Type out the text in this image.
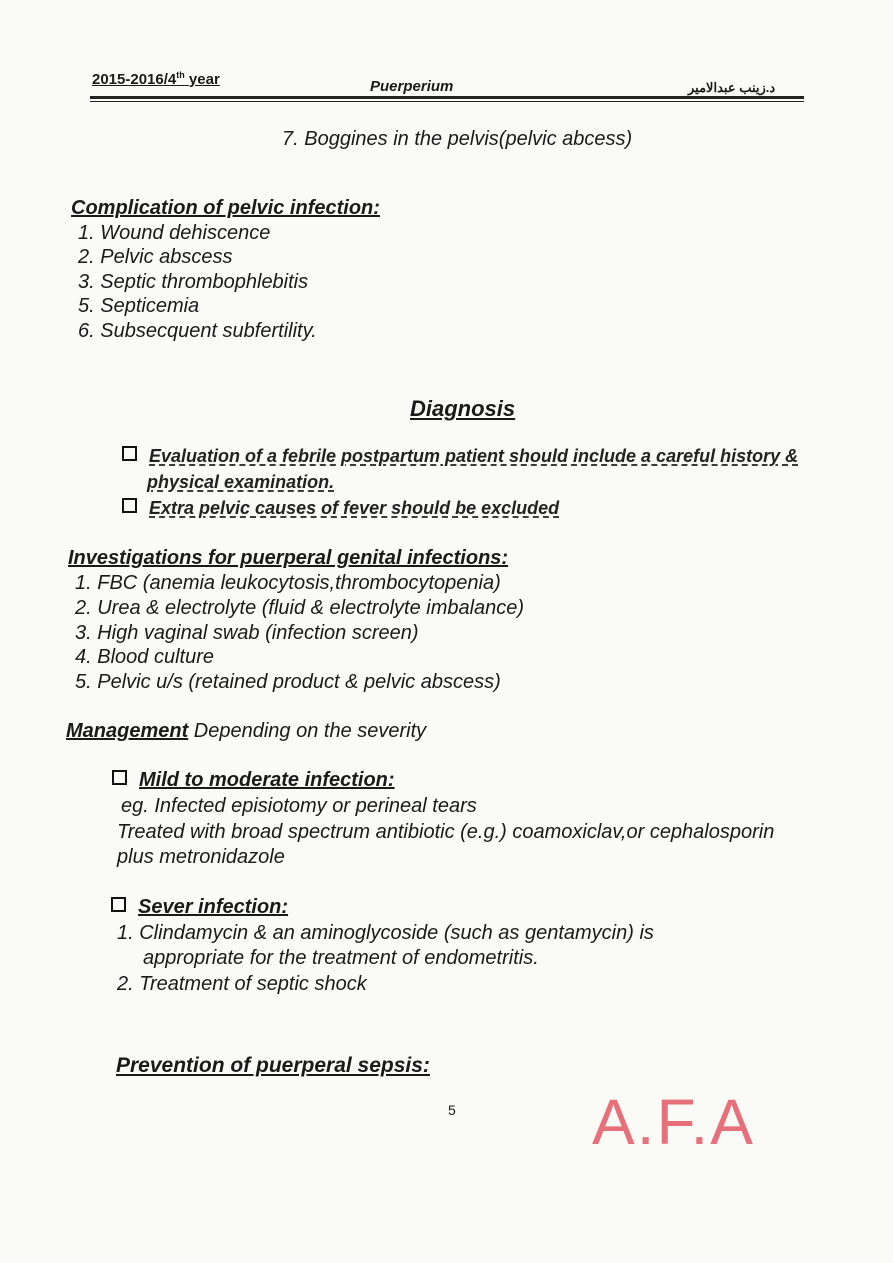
2015-2016/4th year	Puerperium	د.زينب عبدالامير
7. Boggines in the pelvis(pelvic abcess)
Complication of pelvic infection:
1. Wound dehiscence
2. Pelvic abscess
3. Septic thrombophlebitis
5. Septicemia
6. Subsecquent subfertility.
Diagnosis
Evaluation of a febrile postpartum patient should include a careful history &
physical examination.
Extra pelvic causes of fever should be excluded
Investigations for puerperal genital infections:
1. FBC (anemia leukocytosis,thrombocytopenia)
2. Urea & electrolyte (fluid & electrolyte imbalance)
3. High vaginal swab (infection screen)
4. Blood culture
5. Pelvic u/s (retained product & pelvic abscess)
Management Depending on the severity
Mild to moderate infection:
eg. Infected episiotomy or perineal tears
Treated with broad spectrum antibiotic (e.g.) coamoxiclav,or cephalosporin
plus metronidazole
Sever infection:
1. Clindamycin & an aminoglycoside (such as gentamycin) is
appropriate for the treatment of endometritis.
2. Treatment of septic shock
Prevention of puerperal sepsis:
5 A.F.A
